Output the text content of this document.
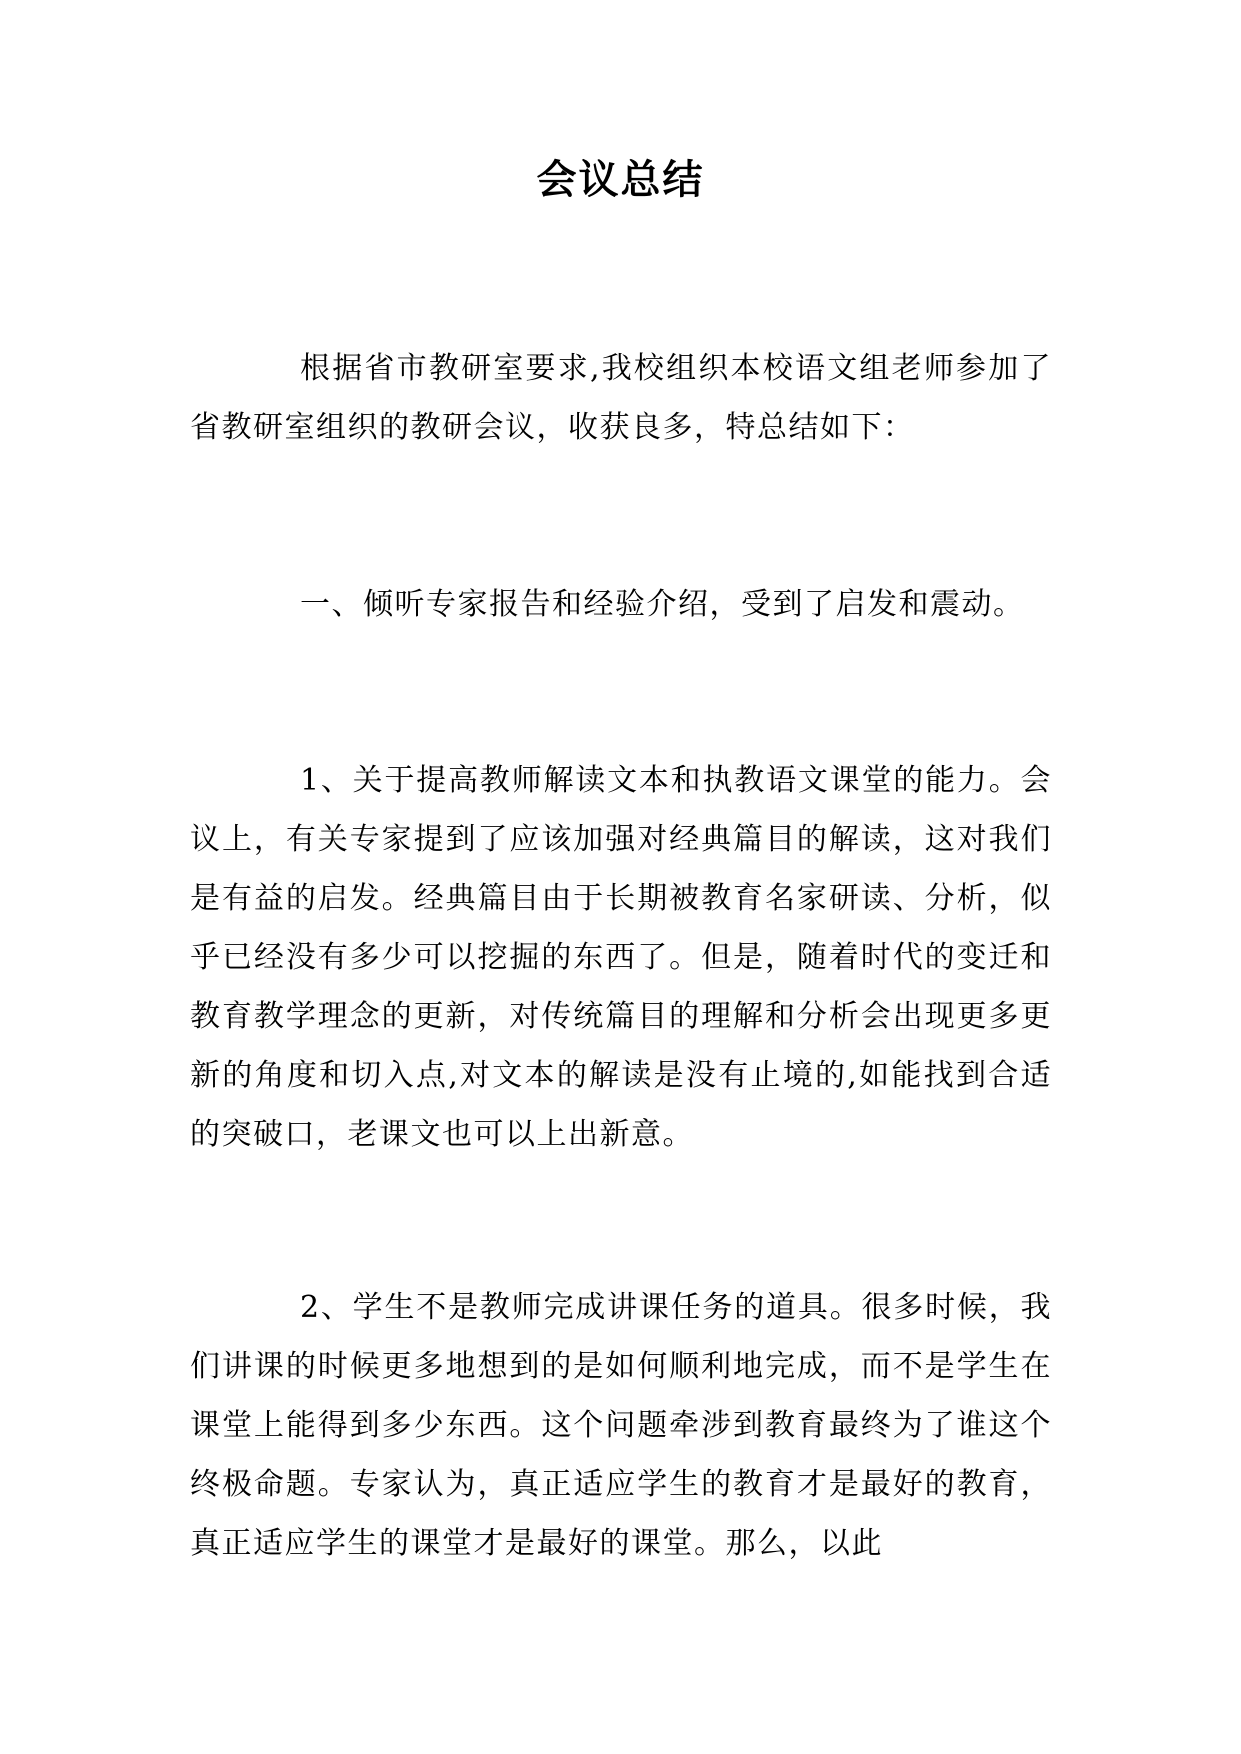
会议总结

根据省市教研室要求,我校组织本校语文组老师参加了省教研室组织的教研会议，收获良多，特总结如下：

一、倾听专家报告和经验介绍，受到了启发和震动。

1、关于提高教师解读文本和执教语文课堂的能力。会议上，有关专家提到了应该加强对经典篇目的解读，这对我们是有益的启发。经典篇目由于长期被教育名家研读、分析，似乎已经没有多少可以挖掘的东西了。但是，随着时代的变迁和教育教学理念的更新，对传统篇目的理解和分析会出现更多更新的角度和切入点,对文本的解读是没有止境的,如能找到合适的突破口，老课文也可以上出新意。

2、学生不是教师完成讲课任务的道具。很多时候，我们讲课的时候更多地想到的是如何顺利地完成，而不是学生在课堂上能得到多少东西。这个问题牵涉到教育最终为了谁这个终极命题。专家认为，真正适应学生的教育才是最好的教育，真正适应学生的课堂才是最好的课堂。那么，以此
